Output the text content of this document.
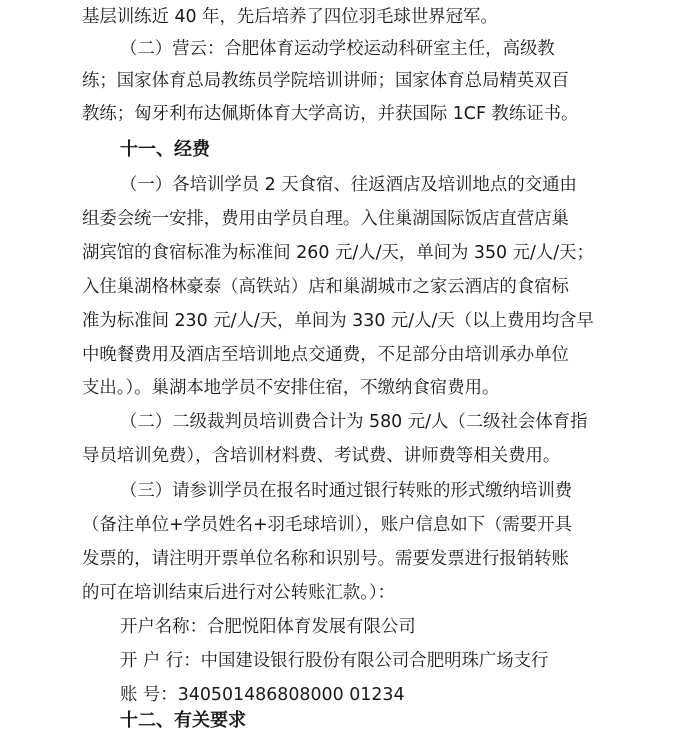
基层训练近 40 年，先后培养了四位羽毛球世界冠军。
（二）营云：合肥体育运动学校运动科研室主任，高级教
练；国家体育总局教练员学院培训讲师；国家体育总局精英双百
教练；匈牙利布达佩斯体育大学高访，并获国际 1CF 教练证书。
十一、经费
（一）各培训学员 2 天食宿、往返酒店及培训地点的交通由
组委会统一安排，费用由学员自理。入住巢湖国际饭店直营店巢
湖宾馆的食宿标准为标准间 260 元/人/天，单间为 350 元/人/天；
入住巢湖格林豪泰（高铁站）店和巢湖城市之家云酒店的食宿标
准为标准间 230 元/人/天，单间为 330 元/人/天（以上费用均含早
中晚餐费用及酒店至培训地点交通费，不足部分由培训承办单位
支出。）。巢湖本地学员不安排住宿，不缴纳食宿费用。
（二）二级裁判员培训费合计为 580 元/人（二级社会体育指
导员培训免费），含培训材料费、考试费、讲师费等相关费用。
（三）请参训学员在报名时通过银行转账的形式缴纳培训费
（备注单位+学员姓名+羽毛球培训），账户信息如下（需要开具
发票的，请注明开票单位名称和识别号。需要发票进行报销转账
的可在培训结束后进行对公转账汇款。）：
开户名称：合肥悦阳体育发展有限公司
开 户 行：中国建设银行股份有限公司合肥明珠广场支行
账 号：340501486808000 01234
十二、有关要求
